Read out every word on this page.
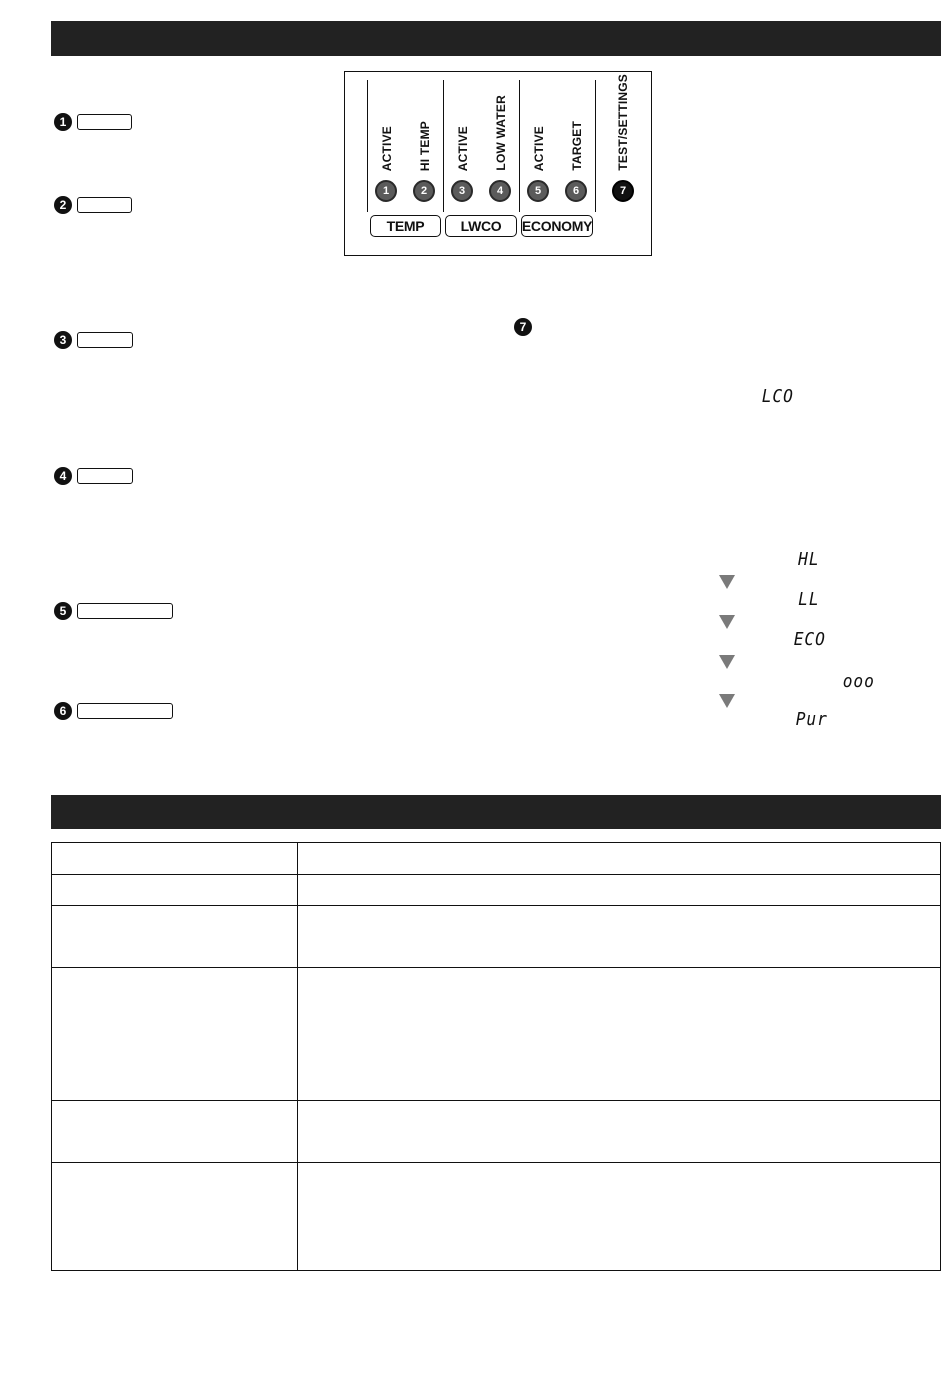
1
2
3
4
5
6
ACTIVE HI TEMP ACTIVE LOW WATER ACTIVE TARGET	TEST/SETTINGS
1	2	3	4	5	6	7
TEMP	LWCO	ECONOMY
7
LCO
HL
LL
ECO
ooo
Pur
